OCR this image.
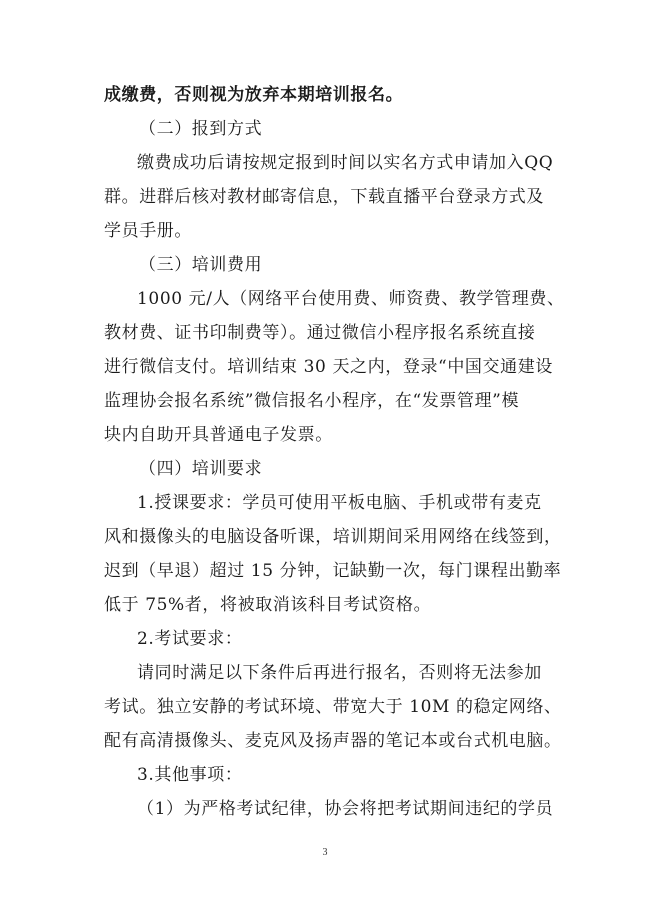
成缴费，否则视为放弃本期培训报名。
（二）报到方式
缴费成功后请按规定报到时间以实名方式申请加入QQ
群。进群后核对教材邮寄信息，下载直播平台登录方式及
学员手册。
（三）培训费用
1000 元/人（网络平台使用费、师资费、教学管理费、
教材费、证书印制费等）。通过微信小程序报名系统直接
进行微信支付。培训结束 30 天之内，登录“中国交通建设
监理协会报名系统”微信报名小程序，在“发票管理”模
块内自助开具普通电子发票。
（四）培训要求
1.授课要求：学员可使用平板电脑、手机或带有麦克
风和摄像头的电脑设备听课，培训期间采用网络在线签到，
迟到（早退）超过 15 分钟，记缺勤一次，每门课程出勤率
低于 75%者，将被取消该科目考试资格。
2.考试要求：
请同时满足以下条件后再进行报名，否则将无法参加
考试。独立安静的考试环境、带宽大于 10M 的稳定网络、
配有高清摄像头、麦克风及扬声器的笔记本或台式机电脑。
3.其他事项：
（1）为严格考试纪律，协会将把考试期间违纪的学员
3
